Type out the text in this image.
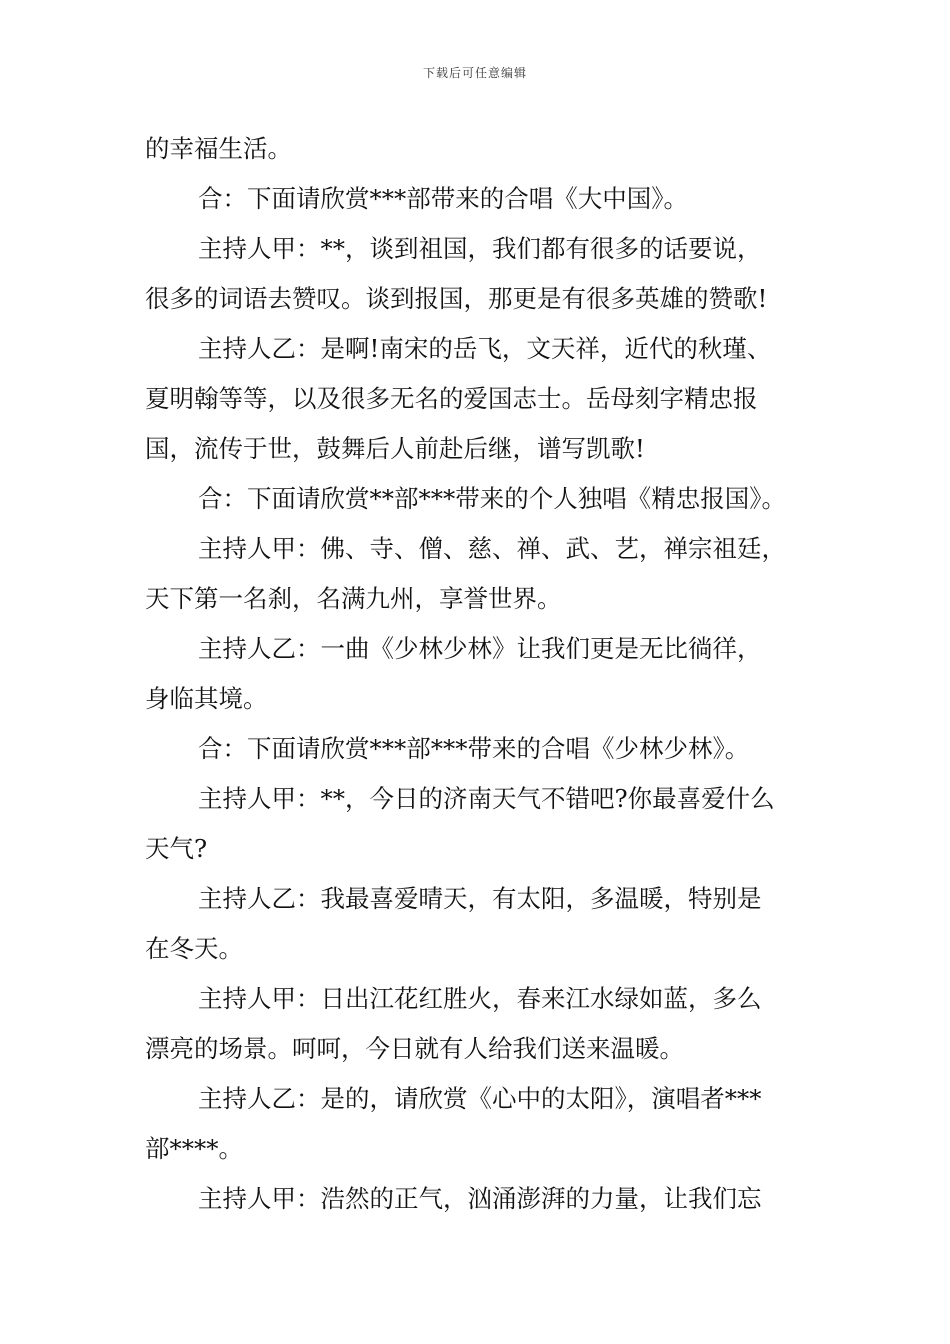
下载后可任意编辑
的幸福生活。
合：下面请欣赏***部带来的合唱《大中国》。
主持人甲：**，谈到祖国，我们都有很多的话要说，
很多的词语去赞叹。谈到报国，那更是有很多英雄的赞歌!
主持人乙：是啊!南宋的岳飞，文天祥，近代的秋瑾、
夏明翰等等，以及很多无名的爱国志士。岳母刻字精忠报
国，流传于世，鼓舞后人前赴后继，谱写凯歌!
合：下面请欣赏**部***带来的个人独唱《精忠报国》。
主持人甲：佛、寺、僧、慈、禅、武、艺，禅宗祖廷，
天下第一名刹，名满九州，享誉世界。
主持人乙：一曲《少林少林》让我们更是无比徜徉，
身临其境。
合：下面请欣赏***部***带来的合唱《少林少林》。
主持人甲：**，今日的济南天气不错吧?你最喜爱什么
天气?
主持人乙：我最喜爱晴天，有太阳，多温暖，特别是
在冬天。
主持人甲：日出江花红胜火，春来江水绿如蓝，多么
漂亮的场景。呵呵，今日就有人给我们送来温暖。
主持人乙：是的，请欣赏《心中的太阳》，演唱者***
部****。
主持人甲：浩然的正气，汹涌澎湃的力量，让我们忘
